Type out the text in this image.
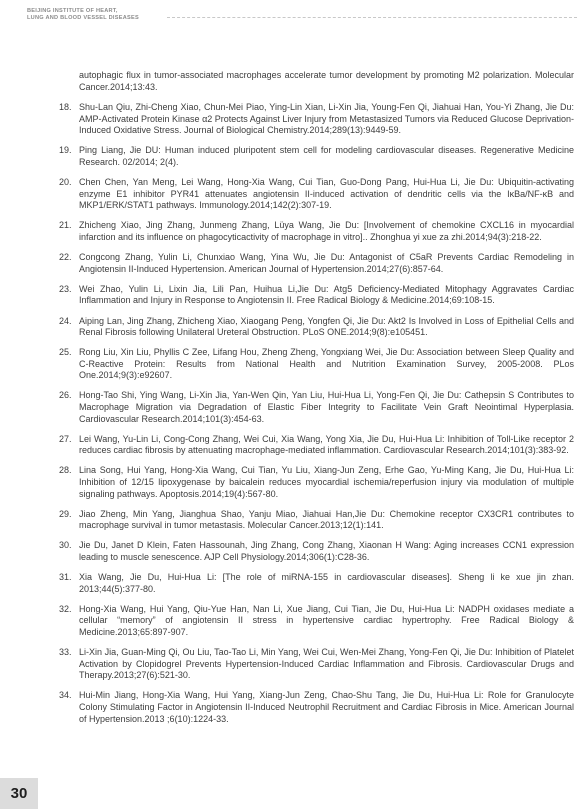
BEIJING INSTITUTE OF HEART,
LUNG AND BLOOD VESSEL DISEASES
autophagic flux in tumor-associated macrophages accelerate tumor development by promoting M2 polarization. Molecular Cancer.2014;13:43.
18. Shu-Lan Qiu, Zhi-Cheng Xiao, Chun-Mei Piao, Ying-Lin Xian, Li-Xin Jia, Young-Fen Qi, Jiahuai Han, You-Yi Zhang, Jie Du: AMP-Activated Protein Kinase α2 Protects Against Liver Injury from Metastasized Tumors via Reduced Glucose Deprivation-Induced Oxidative Stress. Journal of Biological Chemistry.2014;289(13):9449-59.
19. Ping Liang, Jie DU: Human induced pluripotent stem cell for modeling cardiovascular diseases. Regenerative Medicine Research. 02/2014; 2(4).
20. Chen Chen, Yan Meng, Lei Wang, Hong-Xia Wang, Cui Tian, Guo-Dong Pang, Hui-Hua Li, Jie Du: Ubiquitin-activating enzyme E1 inhibitor PYR41 attenuates angiotensin II-induced activation of dendritic cells via the IκBa/NF-κB and MKP1/ERK/STAT1 pathways. Immunology.2014;142(2):307-19.
21. Zhicheng Xiao, Jing Zhang, Junmeng Zhang, Lüya Wang, Jie Du: [Involvement of chemokine CXCL16 in myocardial infarction and its influence on phagocyticactivity of macrophage in vitro].. Zhonghua yi xue za zhi.2014;94(3):218-22.
22. Congcong Zhang, Yulin Li, Chunxiao Wang, Yina Wu, Jie Du: Antagonist of C5aR Prevents Cardiac Remodeling in Angiotensin II-Induced Hypertension. American Journal of Hypertension.2014;27(6):857-64.
23. Wei Zhao, Yulin Li, Lixin Jia, Lili Pan, Huihua Li,Jie Du: Atg5 Deficiency-Mediated Mitophagy Aggravates Cardiac Inflammation and Injury in Response to Angiotensin II. Free Radical Biology & Medicine.2014;69:108-15.
24. Aiping Lan, Jing Zhang, Zhicheng Xiao, Xiaogang Peng, Yongfen Qi, Jie Du: Akt2 Is Involved in Loss of Epithelial Cells and Renal Fibrosis following Unilateral Ureteral Obstruction. PLoS ONE.2014;9(8):e105451.
25. Rong Liu, Xin Liu, Phyllis C Zee, Lifang Hou, Zheng Zheng, Yongxiang Wei, Jie Du: Association between Sleep Quality and C-Reactive Protein: Results from National Health and Nutrition Examination Survey, 2005-2008. PLos One.2014;9(3):e92607.
26. Hong-Tao Shi, Ying Wang, Li-Xin Jia, Yan-Wen Qin, Yan Liu, Hui-Hua Li, Yong-Fen Qi, Jie Du: Cathepsin S Contributes to Macrophage Migration via Degradation of Elastic Fiber Integrity to Facilitate Vein Graft Neointimal Hyperplasia. Cardiovascular Research.2014;101(3):454-63.
27. Lei Wang, Yu-Lin Li, Cong-Cong Zhang, Wei Cui, Xia Wang, Yong Xia, Jie Du, Hui-Hua Li: Inhibition of Toll-Like receptor 2 reduces cardiac fibrosis by attenuating macrophage-mediated inflammation. Cardiovascular Research.2014;101(3):383-92.
28. Lina Song, Hui Yang, Hong-Xia Wang, Cui Tian, Yu Liu, Xiang-Jun Zeng, Erhe Gao, Yu-Ming Kang, Jie Du, Hui-Hua Li: Inhibition of 12/15 lipoxygenase by baicalein reduces myocardial ischemia/reperfusion injury via modulation of multiple signaling pathways. Apoptosis.2014;19(4):567-80.
29. Jiao Zheng, Min Yang, Jianghua Shao, Yanju Miao, Jiahuai Han,Jie Du: Chemokine receptor CX3CR1 contributes to macrophage survival in tumor metastasis. Molecular Cancer.2013;12(1):141.
30. Jie Du, Janet D Klein, Faten Hassounah, Jing Zhang, Cong Zhang, Xiaonan H Wang: Aging increases CCN1 expression leading to muscle senescence. AJP Cell Physiology.2014;306(1):C28-36.
31. Xia Wang, Jie Du, Hui-Hua Li: [The role of miRNA-155 in cardiovascular diseases]. Sheng li ke xue jin zhan. 2013;44(5):377-80.
32. Hong-Xia Wang, Hui Yang, Qiu-Yue Han, Nan Li, Xue Jiang, Cui Tian, Jie Du, Hui-Hua Li: NADPH oxidases mediate a cellular “memory” of angiotensin II stress in hypertensive cardiac hypertrophy. Free Radical Biology & Medicine.2013;65:897-907.
33. Li-Xin Jia, Guan-Ming Qi, Ou Liu, Tao-Tao Li, Min Yang, Wei Cui, Wen-Mei Zhang, Yong-Fen Qi, Jie Du: Inhibition of Platelet Activation by Clopidogrel Prevents Hypertension-Induced Cardiac Inflammation and Fibrosis. Cardiovascular Drugs and Therapy.2013;27(6):521-30.
34. Hui-Min Jiang, Hong-Xia Wang, Hui Yang, Xiang-Jun Zeng, Chao-Shu Tang, Jie Du, Hui-Hua Li: Role for Granulocyte Colony Stimulating Factor in Angiotensin II-Induced Neutrophil Recruitment and Cardiac Fibrosis in Mice. American Journal of Hypertension.2013 ;6(10):1224-33.
30
